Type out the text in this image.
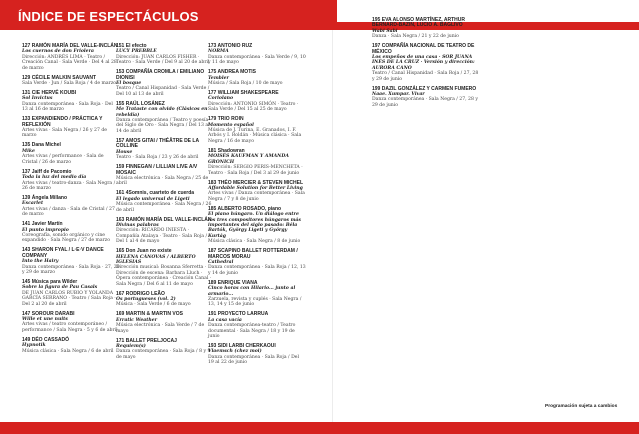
ÍNDICE DE ESPECTÁCULOS
127 RAMÓN MARÍA DEL VALLE-INCLÁN
Los cuernos de don Friolera
Dirección: ANDRÉS LIMA · Teatro / Creación Canal · Sala Verde · Del 4 al 28 de marzo
129 CÉCILE MALKIN SAUVANT
Sala Verde · Jun / Sala Roja / 4 de marzo
131 CIE HERVÉ KOUBI
Sol Invictus
Danza contemporánea · Sala Roja · Del 13 al 16 de marzo
133 EXPANDIENDO / PRÁCTICA Y REFLEXIÓN
Artes vivas · Sala Negra / 26 y 27 de marzo
135 Dana Michel
Mike
Artes vivas / performance · Sala de Cristal / 26 de marzo
137 Jaiff de Pacomio
Toda la luz del medio día
Artes vivas / teatro-danza · Sala Negra / 26 de marzo
139 Ángela Millano
Escarlet
Artes vivas / danza · Sala de Cristal / 27 de marzo
141 Javier Martín
El punto impropio
Coreografía, sonido orgánico y cine expandido · Sala Negra / 27 de marzo
143 SHARON FYAL / L·E·V DANCE COMPANY
Into the Hairy
Danza contemporánea · Sala Roja · 27, 28 y 29 de marzo
145 Música para Wilder
Sobre la figura de Pau Casals
DE JUAN CARLOS RUBIO Y YOLANDA GARCÍA SERRANO · Teatro / Sala Roja · Del 2 al 20 de abril
147 SOROUR DARABI
Wille et une nuits
Artes vivas / teatro contemporáneo / performance / Sala Negra · 5 y 6 de abril
149 DÉO CASSADÓ
Hypnotik
Música clásica · Sala Negra / 6 de abril
151 El efecto
LUCY PREBBLE
Dirección: JUAN CARLOS FISHER · Teatro · Sala Verde / Del 9 al 20 de abril
153 COMPAÑÍA CROMLA / EMILIANO DIONISI
El bosque
Teatro / Canal Hispanidad · Sala Verde / Del 10 al 13 de abril
155 RAÚL LOSÁNEZ
Me Trataste con olvido (Clásicos en rebeldía)
Danza contemporánea / Teatro y poesía del Siglo de Oro · Sala Negra / Del 13 al 14 de abril
157 AMOS GITAI / THÉÂTRE DE LA COLLINE
House
Teatro · Sala Roja / 23 y 26 de abril
159 FINNEGAN / LILLIAN LIVE A/V MOSAIC
Música electrónica · Sala Negra / 25 de abril
161 4Somnis, cuarteto de cuerda
El legado universal de Ligeti
Música contemporánea · Sala Negra / 26 de abril
163 RAMÓN MARÍA DEL VALLE-INCLÁN
Divinas palabras
Dirección: RICARDO INIESTA · Compañía Atalaya · Teatro · Sala Roja / Del 1 al 4 de mayo
165 Don Juan no existe
HELENA CÁNOVAS / ALBERTO IGLESIAS
Dirección musical: Bosanna Sferretta · Dirección de escena: Barbara Lluch · Ópera contemporánea · Creación Canal · Sala Negra / Del 6 al 11 de mayo
167 RODRIGO LEÃO
Os portugueses (vol. 2)
Música · Sala Verde / 6 de mayo
169 MARTIN & MARTIN VOS
Erratic Weather
Música electrónica · Sala Verde / 7 de mayo
171 BALLET PRELJOCAJ
Requiem(s)
Danza contemporánea · Sala Roja / 8 y 9 de mayo
173 ANTONIO RUZ
NORMA
Danza contemporánea · Sala Verde / 9, 10 y 11 de mayo
175 ANDREA MOTIS
Tembler
Música / Sala Roja / 10 de mayo
177 WILLIAM SHAKESPEARE
Coriolano
Dirección: ANTONIO SIMÓN · Teatro · Sala Verde / Del 15 al 25 de mayo
179 TRIO ROIN
Momento español
Música de J. Turina, E. Granados, I. F. Arbós y I. Roldán · Música clásica · Sala Negra / 16 de mayo
181 Shadowran
MOISÉS KAUFMAN Y AMANDA GRONICH
Dirección: SERGIO PERIS-MENCHETA · Teatro · Sala Roja / Del 3 al 29 de junio
183 THÉO MERCIER & STEVEN MICHEL
Affordable Solution for Better Living
Artes vivas / Danza contemporánea · Sala Negra / 7 y 8 de junio
185 ALBERTO ROSADO, piano
El piano húngaro. Un diálogo entre los tres compositores húngaros más importantes del siglo pasado: Béla Bartók, György Ligeti y György Kurtág
Música clásica · Sala Negra / 8 de junio
187 SCAPINO BALLET ROTTERDAM / MARCOS MORAU
Cathedral
Danza contemporánea · Sala Roja / 12, 13 y 14 de junio
189 ENRIQUE VIANA
Cinco horas con Hilario... junto al armario...
Zarzuela, revista y cuplés · Sala Negra / 13, 14 y 15 de junio
191 PROYECTO LARRUA
La casa vacía
Danza contemporánea-teatro / Teatro documental · Sala Negra / 18 y 19 de junio
193 SIDI LARBI CHERKAOUI
Vlaemsch (chez moi)
Danza contemporánea · Sala Roja / Del 19 al 22 de junio
195 EVA ALONSO MARTÍNEZ, ARTHUR BERNARD-BAZIN, LUCIO A. BAGLIVO
Wabi Sabi
Danza · Sala Negra / 21 y 22 de junio
197 COMPAÑÍA NACIONAL DE TEATRO DE MÉXICO
Los empeños de una casa · SOR JUANA INÉS DE LA CRUZ · Versión y dirección: AURORA CANO
Teatro / Canal Hispanidad · Sala Roja / 27, 28 y 29 de junio
199 DAZIL GONZÁLEZ Y CARMEN FUMERO
Naae. Xumpar. Vivar
Danza contemporánea · Sala Negra / 27, 28 y 29 de junio
Programación sujeta a cambios
